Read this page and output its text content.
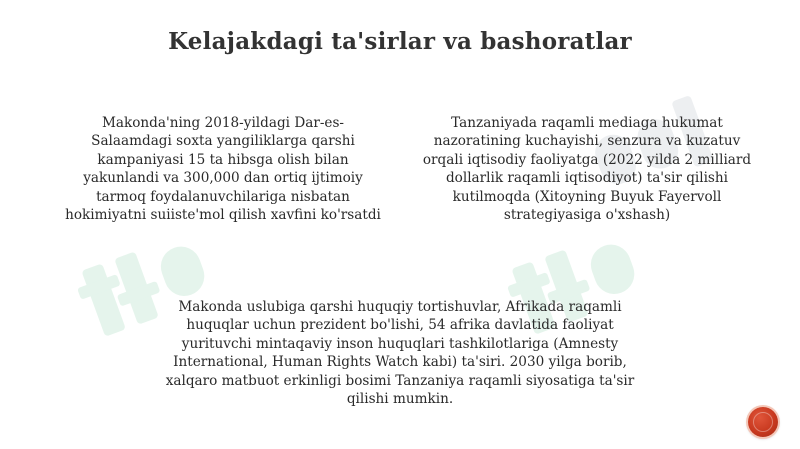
Kelajakdagi ta'sirlar va bashoratlar
Makonda'ning 2018-yildagi Dar-es-Salaamdagi soxta yangiliklarga qarshi kampaniyasi 15 ta hibsga olish bilan yakunlandi va 300,000 dan ortiq ijtimoiy tarmoq foydalanuvchilariga nisbatan hokimiyatni suiiste'mol qilish xavfini ko'rsatdi
Tanzaniyada raqamli mediaga hukumat nazoratining kuchayishi, senzura va kuzatuv orqali iqtisodiy faoliyatga (2022 yilda 2 milliard dollarlik raqamli iqtisodiyot) ta'sir qilishi kutilmoqda (Xitoyning Buyuk Fayervoll strategiyasiga o'xshash)
Makonda uslubiga qarshi huquqiy tortishuvlar, Afrikada raqamli huquqlar uchun prezident bo'lishi, 54 afrika davlatida faoliyat yurituvchi mintaqaviy inson huquqlari tashkilotlariga (Amnesty International, Human Rights Watch kabi) ta'siri. 2030 yilga borib, xalqaro matbuot erkinligi bosimi Tanzaniya raqamli siyosatiga ta'sir qilishi mumkin.
